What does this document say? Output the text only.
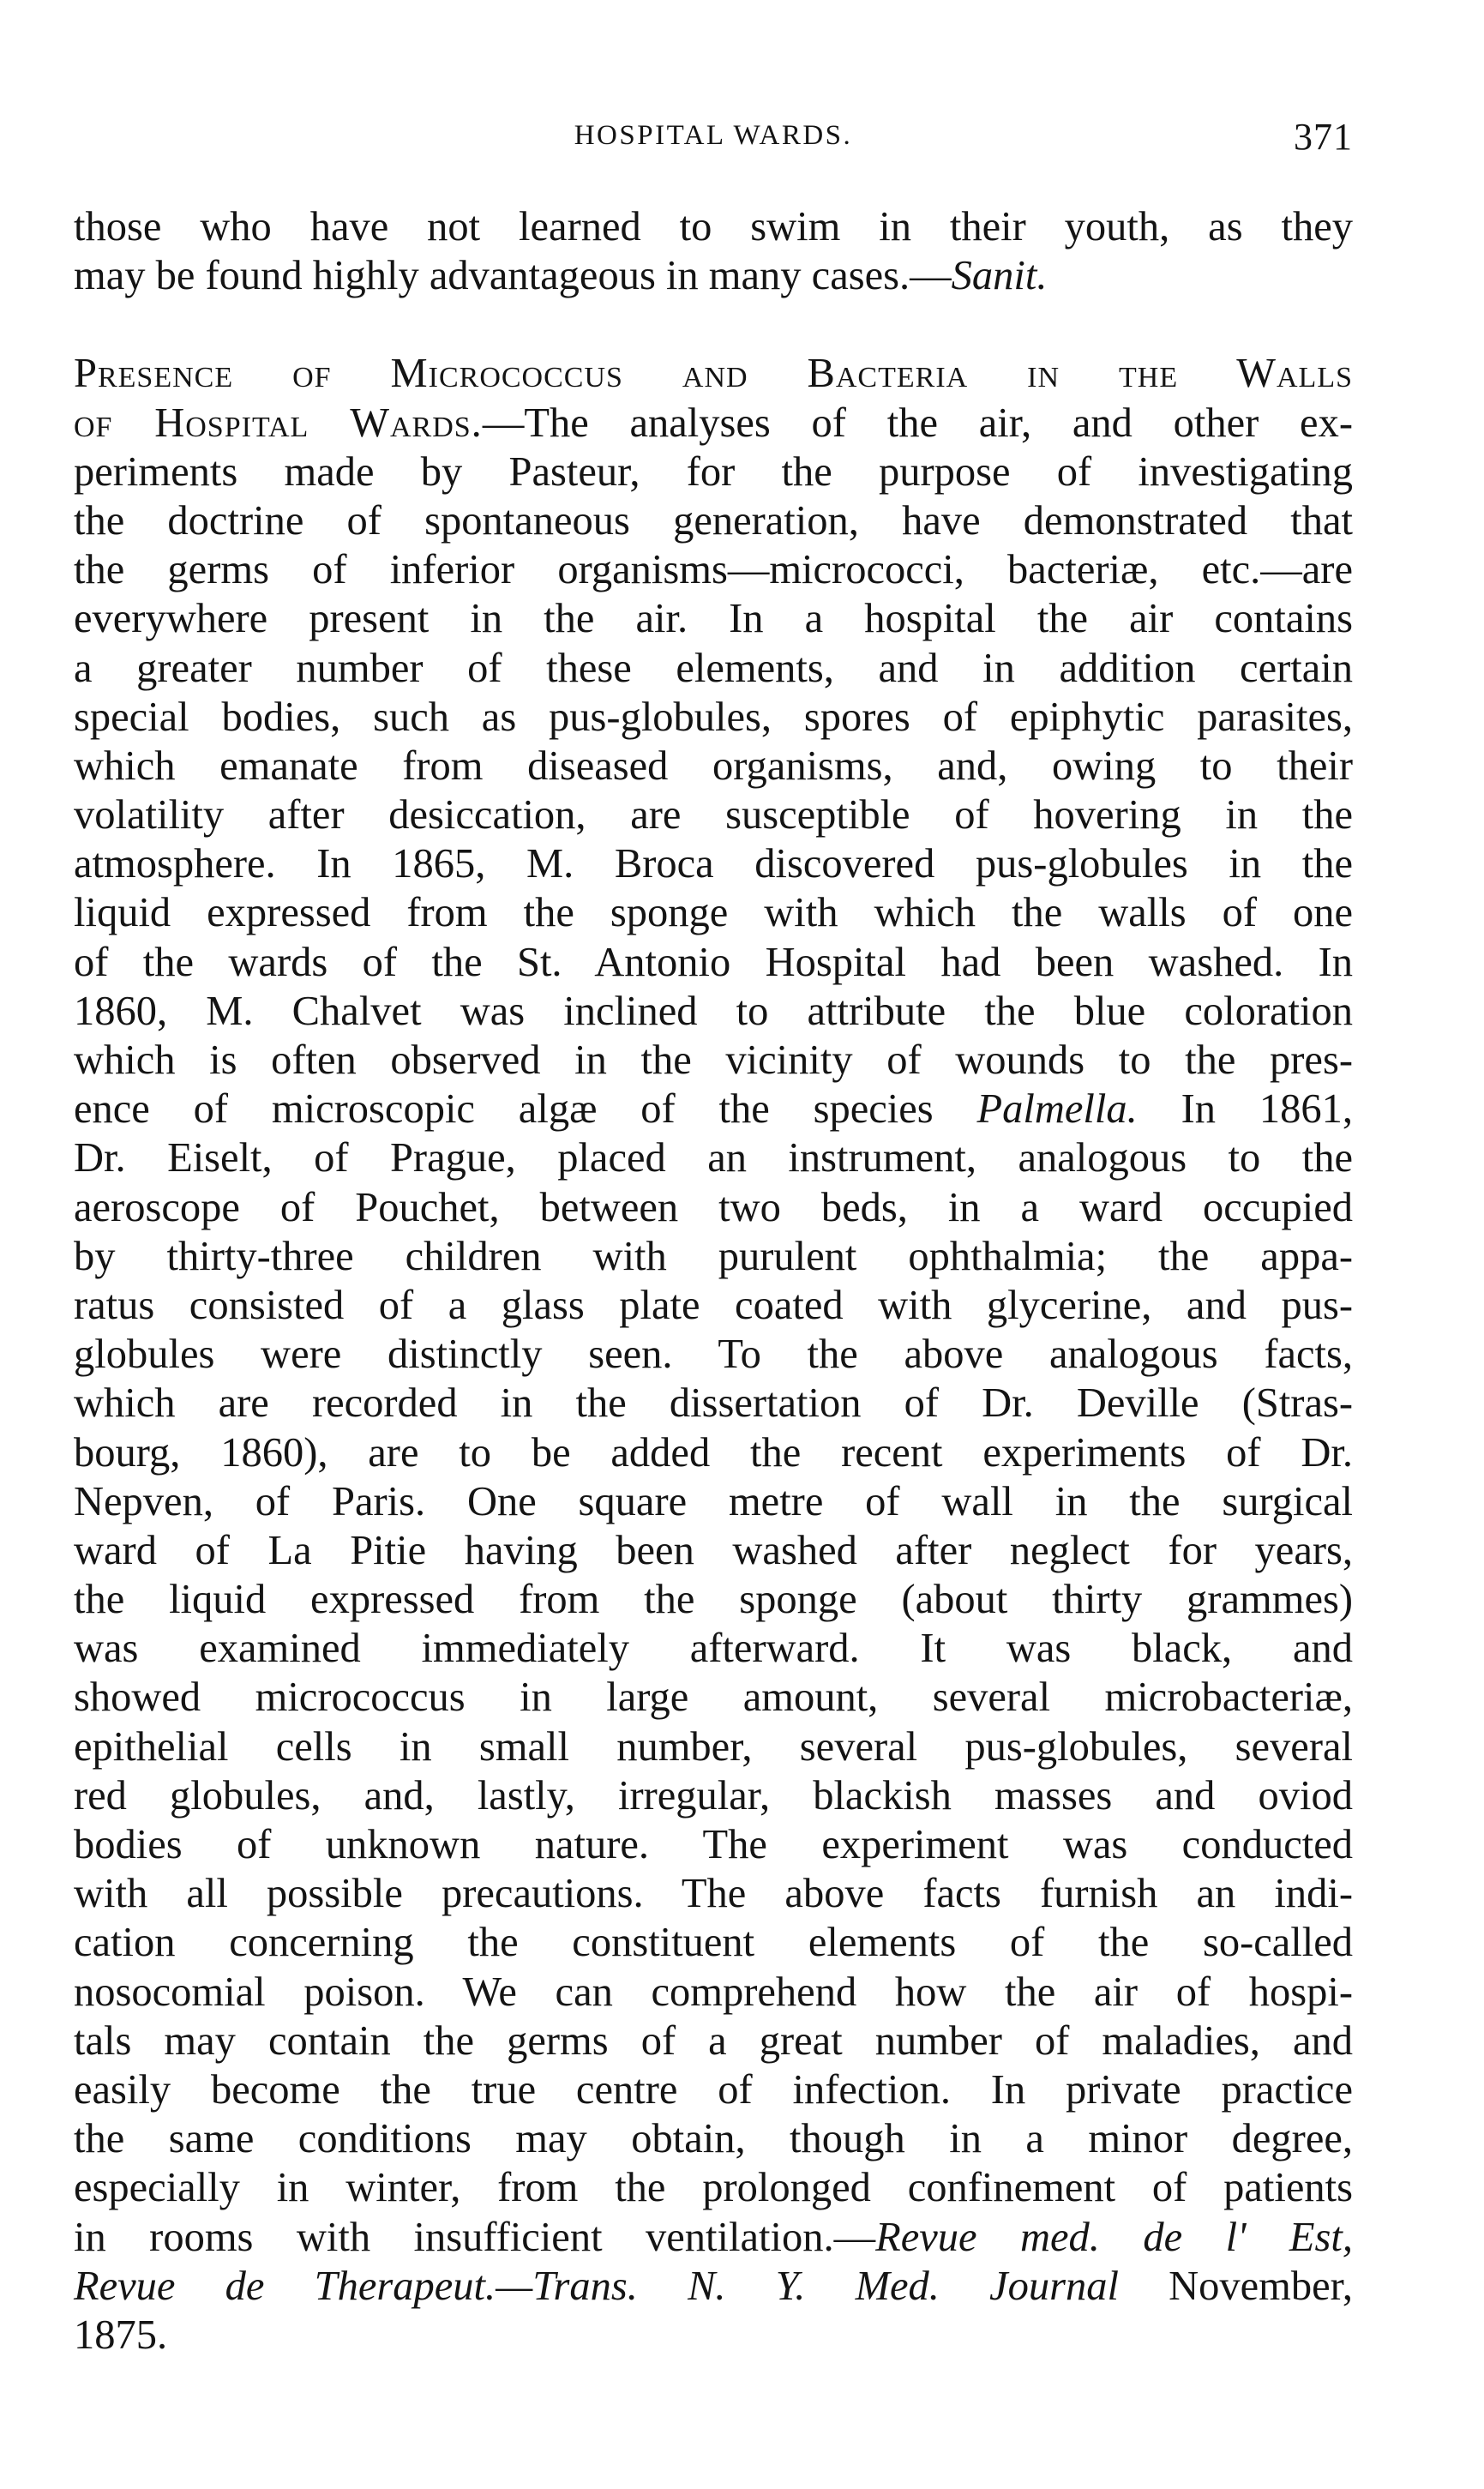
HOSPITAL WARDS.	371
those who have not learned to swim in their youth, as they
may be found highly advantageous in many cases.—Sanit.
Presence of Micrococcus and Bacteria in the Walls
of Hospital Wards.—The analyses of the air, and other ex-
periments made by Pasteur, for the purpose of investigating
the doctrine of spontaneous generation, have demonstrated that
the germs of inferior organisms—micrococci, bacteriæ, etc.—are
everywhere present in the air. In a hospital the air contains
a greater number of these elements, and in addition certain
special bodies, such as pus-globules, spores of epiphytic parasites,
which emanate from diseased organisms, and, owing to their
volatility after desiccation, are susceptible of hovering in the
atmosphere. In 1865, M. Broca discovered pus-globules in the
liquid expressed from the sponge with which the walls of one
of the wards of the St. Antonio Hospital had been washed. In
1860, M. Chalvet was inclined to attribute the blue coloration
which is often observed in the vicinity of wounds to the pres-
ence of microscopic algæ of the species Palmella. In 1861,
Dr. Eiselt, of Prague, placed an instrument, analogous to the
aeroscope of Pouchet, between two beds, in a ward occupied
by thirty-three children with purulent ophthalmia; the appa-
ratus consisted of a glass plate coated with glycerine, and pus-
globules were distinctly seen. To the above analogous facts,
which are recorded in the dissertation of Dr. Deville (Stras-
bourg, 1860), are to be added the recent experiments of Dr.
Nepven, of Paris. One square metre of wall in the surgical
ward of La Pitie having been washed after neglect for years,
the liquid expressed from the sponge (about thirty grammes)
was examined immediately afterward. It was black, and
showed micrococcus in large amount, several microbacteriæ,
epithelial cells in small number, several pus-globules, several
red globules, and, lastly, irregular, blackish masses and oviod
bodies of unknown nature. The experiment was conducted
with all possible precautions. The above facts furnish an indi-
cation concerning the constituent elements of the so-called
nosocomial poison. We can comprehend how the air of hospi-
tals may contain the germs of a great number of maladies, and
easily become the true centre of infection. In private practice
the same conditions may obtain, though in a minor degree,
especially in winter, from the prolonged confinement of patients
in rooms with insufficient ventilation.—Revue med. de l' Est,
Revue de Therapeut.—Trans. N. Y. Med. Journal November,
1875.
